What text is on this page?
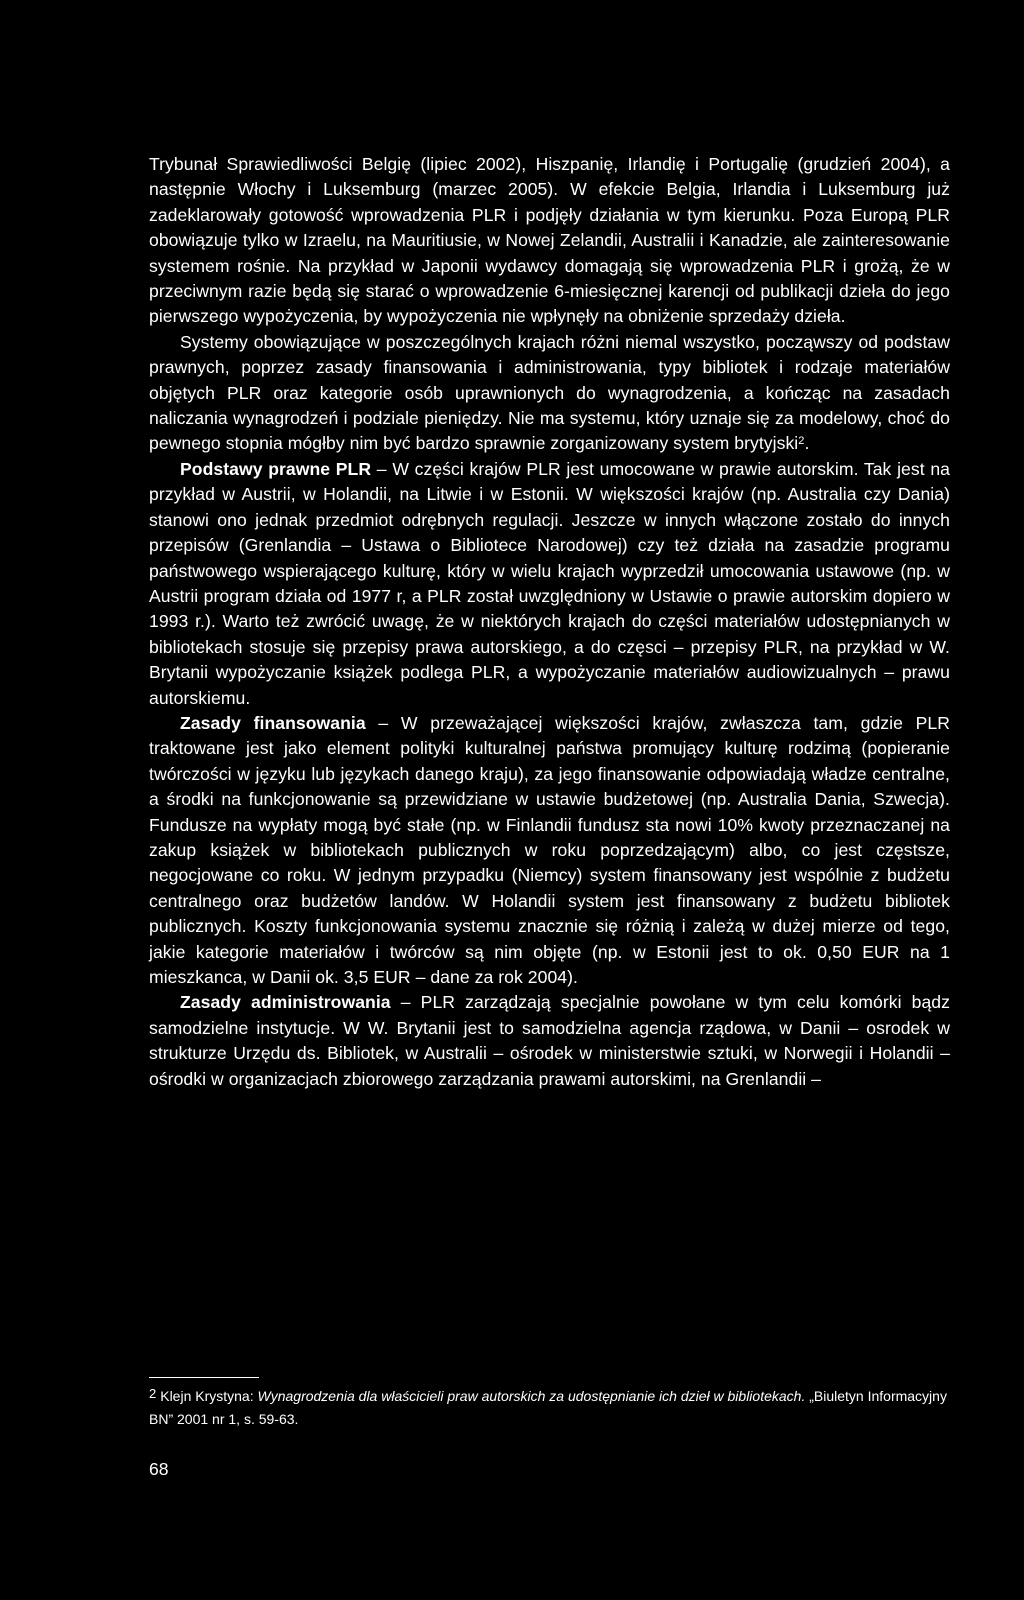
Trybunał Sprawiedliwości Belgię (lipiec 2002), Hiszpanię, Irlandię i Portugalię (grudzień 2004), a następnie Włochy i Luksemburg (marzec 2005). W efekcie Belgia, Irlandia i Luksemburg już zadeklarowały gotowość wprowadzenia PLR i podjęły działania w tym kierunku. Poza Europą PLR obowiązuje tylko w Izraelu, na Mauritiusie, w Nowej Zelandii, Australii i Kanadzie, ale zainteresowanie systemem rośnie. Na przykład w Japonii wydawcy domagają się wprowadzenia PLR i grożą, że w przeciwnym razie będą się starać o wprowadzenie 6-miesięcznej karencji od publikacji dzieła do jego pierwszego wypożyczenia, by wypożyczenia nie wpłynęły na obniżenie sprzedaży dzieła.

Systemy obowiązujące w poszczególnych krajach różni niemal wszystko, począwszy od podstaw prawnych, poprzez zasady finansowania i administrowania, typy bibliotek i rodzaje materiałów objętych PLR oraz kategorie osób uprawnionych do wynagrodzenia, a kończąc na zasadach naliczania wynagrodzeń i podziale pieniędzy. Nie ma systemu, który uznaje się za modelowy, choć do pewnego stopnia mógłby nim być bardzo sprawnie zorganizowany system brytyjski$^2$.

Podstawy prawne PLR – W części krajów PLR jest umocowane w prawie autorskim. Tak jest na przykład w Austrii, w Holandii, na Litwie i w Estonii. W większości krajów (np. Australia czy Dania) stanowi ono jednak przedmiot odrębnych regulacji. Jeszcze w innych włączone zostało do innych przepisów (Grenlandia – Ustawa o Bibliotece Narodowej) czy też działa na zasadzie programu państwowego wspierającego kulturę, który w wielu krajach wyprzedził umocowania ustawowe (np. w Austrii program działa od 1977 r, a PLR został uwzględniony w Ustawie o prawie autorskim dopiero w 1993 r.). Warto też zwrócić uwagę, że w niektórych krajach do części materiałów udostępnianych w bibliotekach stosuje się przepisy prawa autorskiego, a do częsci – przepisy PLR, na przykład w W. Brytanii wypożyczanie książek podlega PLR, a wypożyczanie materiałów audiowizualnych – prawu autorskiemu.

Zasady finansowania – W przeważającej większości krajów, zwłaszcza tam, gdzie PLR traktowane jest jako element polityki kulturalnej państwa promujący kulturę rodzimą (popieranie twórczości w języku lub językach danego kraju), za jego finansowanie odpowiadają władze centralne, a środki na funkcjonowanie są przewidziane w ustawie budżetowej (np. Australia Dania, Szwecja). Fundusze na wypłaty mogą być stałe (np. w Finlandii fundusz sta nowi 10% kwoty przeznaczanej na zakup książek w bibliotekach publicznych w roku poprzedzającym) albo, co jest częstsze, negocjowane co roku. W jednym przypadku (Niemcy) system finansowany jest wspólnie z budżetu centralnego oraz budżetów landów. W Holandii system jest finansowany z budżetu bibliotek publicznych. Koszty funkcjonowania systemu znacznie się różnią i zależą w dużej mierze od tego, jakie kategorie materiałów i twórców są nim objęte (np. w Estonii jest to ok. 0,50 EUR na 1 mieszkanca, w Danii ok. 3,5 EUR – dane za rok 2004).

Zasady administrowania – PLR zarządzają specjalnie powołane w tym celu komórki bądz samodzielne instytucje. W W. Brytanii jest to samodzielna agencja rządowa, w Danii – osrodek w strukturze Urzędu ds. Bibliotek, w Australii – ośrodek w ministerstwie sztuki, w Norwegii i Holandii – ośrodki w organizacjach zbiorowego zarządzania prawami autorskimi, na Grenlandii –

2 Klejn Krystyna: Wynagrodzenia dla właścicieli praw autorskich za udostępnianie ich dzieł w bibliotekach. „Biuletyn Informacyjny BN” 2001 nr 1, s. 59-63.
68
